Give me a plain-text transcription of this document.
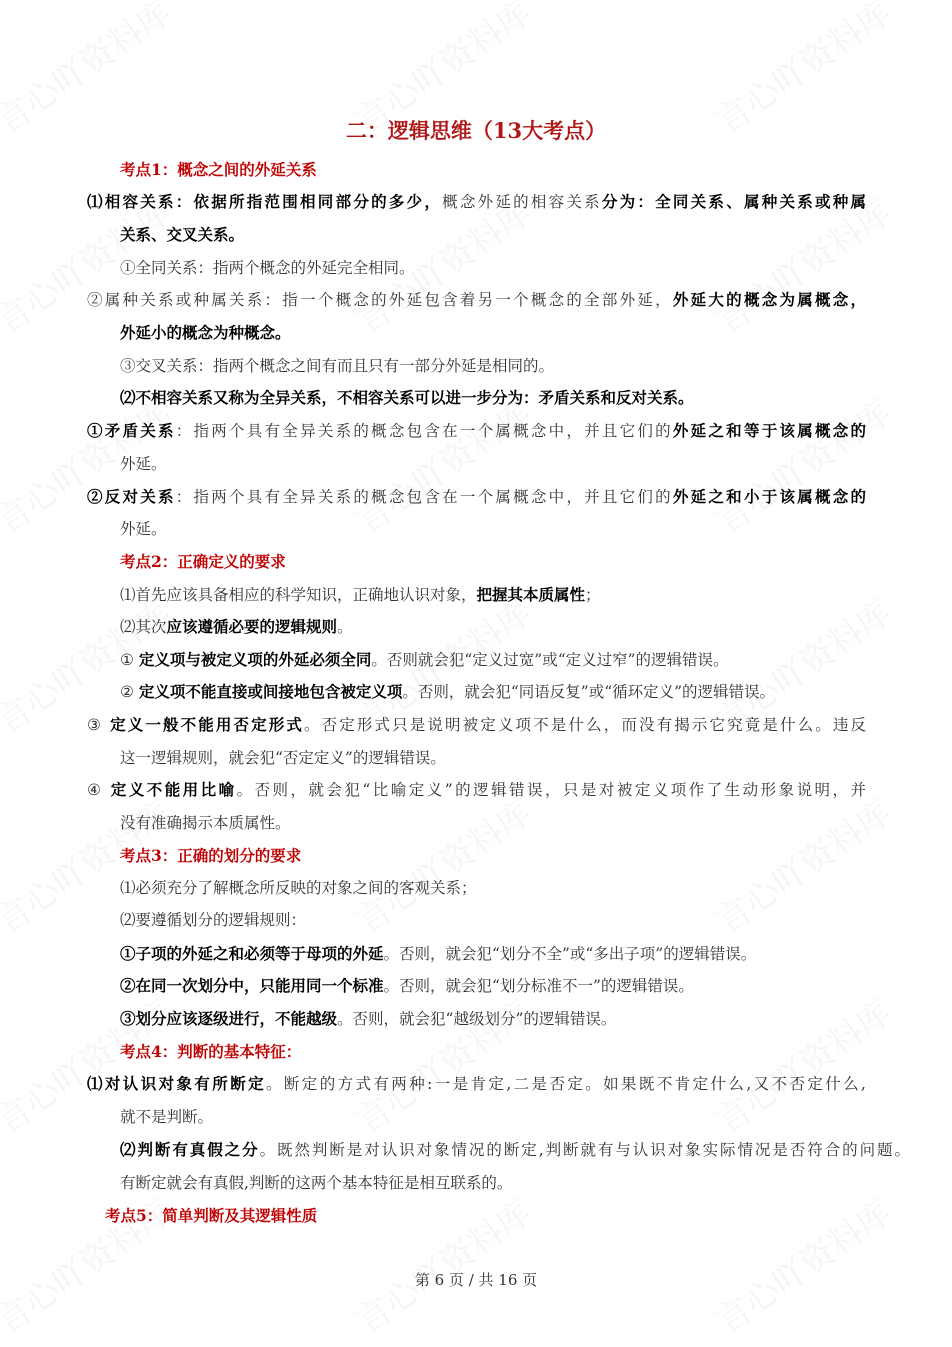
二：逻辑思维（13大考点）
考点1：概念之间的外延关系
⑴相容关系：依据所指范围相同部分的多少，概念外延的相容关系分为：全同关系、属种关系或种属
关系、交叉关系。
①全同关系：指两个概念的外延完全相同。
②属种关系或种属关系：指一个概念的外延包含着另一个概念的全部外延，外延大的概念为属概念，
外延小的概念为种概念。
③交叉关系：指两个概念之间有而且只有一部分外延是相同的。
⑵不相容关系又称为全异关系，不相容关系可以进一步分为：矛盾关系和反对关系。
①矛盾关系：指两个具有全异关系的概念包含在一个属概念中，并且它们的外延之和等于该属概念的
外延。
②反对关系：指两个具有全异关系的概念包含在一个属概念中，并且它们的外延之和小于该属概念的
外延。
考点2：正确定义的要求
⑴首先应该具备相应的科学知识，正确地认识对象，把握其本质属性；
⑵其次应该遵循必要的逻辑规则。
① 定义项与被定义项的外延必须全同。否则就会犯“定义过宽”或“定义过窄”的逻辑错误。
② 定义项不能直接或间接地包含被定义项。否则，就会犯“同语反复”或“循环定义”的逻辑错误。
③ 定义一般不能用否定形式。否定形式只是说明被定义项不是什么，而没有揭示它究竟是什么。违反
这一逻辑规则，就会犯“否定定义”的逻辑错误。
④ 定义不能用比喻。否则，就会犯“比喻定义”的逻辑错误，只是对被定义项作了生动形象说明，并
没有准确揭示本质属性。
考点3：正确的划分的要求
⑴必须充分了解概念所反映的对象之间的客观关系；
⑵要遵循划分的逻辑规则：
①子项的外延之和必须等于母项的外延。否则，就会犯“划分不全”或“多出子项”的逻辑错误。
②在同一次划分中，只能用同一个标准。否则，就会犯“划分标准不一”的逻辑错误。
③划分应该逐级进行，不能越级。否则，就会犯“越级划分”的逻辑错误。
考点4：判断的基本特征：
⑴对认识对象有所断定。断定的方式有两种:一是肯定,二是否定。如果既不肯定什么,又不否定什么,
就不是判断。
⑵判断有真假之分。既然判断是对认识对象情况的断定,判断就有与认识对象实际情况是否符合的问题。
有断定就会有真假,判断的这两个基本特征是相互联系的。
考点5：简单判断及其逻辑性质
第 6 页 / 共 16 页
